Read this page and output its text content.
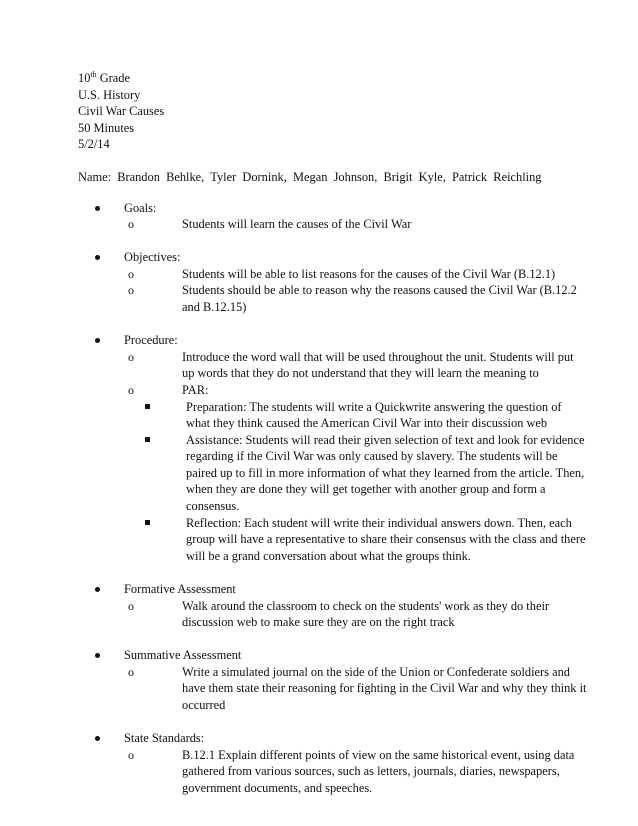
10th Grade
U.S. History
Civil War Causes
50 Minutes
5/2/14
Name:  Brandon  Behlke,  Tyler  Dornink,  Megan  Johnson,  Brigit  Kyle,  Patrick  Reichling
Goals:
o	Students will learn the causes of the Civil War
Objectives:
o	Students will be able to list reasons for the causes of the Civil War (B.12.1)
o	Students should be able to reason why the reasons caused the Civil War (B.12.2 and B.12.15)
Procedure:
o	Introduce the word wall that will be used throughout the unit. Students will put up words that they do not understand that they will learn the meaning to
o	PAR:
Preparation: The students will write a Quickwrite answering the question of what they think caused the American Civil War into their discussion web
Assistance: Students will read their given selection of text and look for evidence regarding if the Civil War was only caused by slavery. The students will be paired up to fill in more information of what they learned from the article. Then, when they are done they will get together with another group and form a consensus.
Reflection: Each student will write their individual answers down. Then, each group will have a representative to share their consensus with the class and there will be a grand conversation about what the groups think.
Formative Assessment
o	Walk around the classroom to check on the students' work as they do their discussion web to make sure they are on the right track
Summative Assessment
o	Write a simulated journal on the side of the Union or Confederate soldiers and have them state their reasoning for fighting in the Civil War and why they think it occurred
State Standards:
o	B.12.1 Explain different points of view on the same historical event, using data gathered from various sources, such as letters, journals, diaries, newspapers, government documents, and speeches.
